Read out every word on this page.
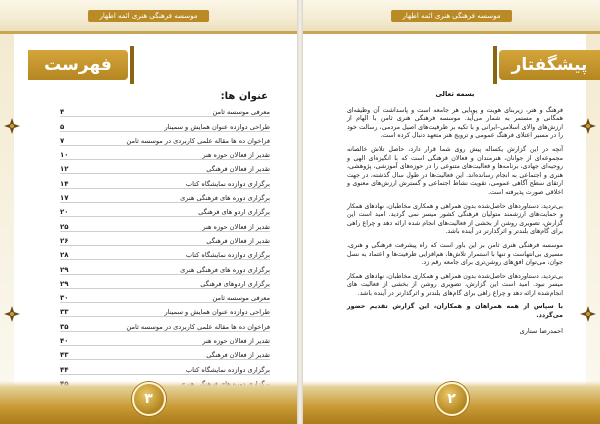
موسسه فرهنگی هنری ائمه اطهار
فهرست
عنوان ها:
۴	معرفی موسسه ثامن
۵	طراحی دوازده عنوان همایش و سمینار
۷	فراخوان ده ها مقاله علمی کاربردی در موسسه ثامن
۱۰	تقدیر از فعالان حوزه هنر
۱۲	تقدیر از فعالان فرهنگی
۱۴	برگزاری دوازده نمایشگاه کتاب
۱۷	برگزاری دوره های فرهنگی هنری
۲۰	برگزاری اردو های فرهنگی
۲۵	تقدیر از فعالان حوزه هنر
۲۶	تقدیر از فعالان فرهنگی
۲۸	برگزاری دوازده نمایشگاه کتاب
۲۹	برگزاری دوره های فرهنگی هنری
۲۹	برگزاری اردوهای فرهنگی
۳۰	معرفی موسسه ثامن
۳۳	طراحی دوازده عنوان همایش و سمینار
۳۵	فراخوان ده ها مقاله علمی کاربردی در موسسه ثامن
۴۰	تقدیر از فعالان حوزه هنر
۴۳	تقدیر از فعالان فرهنگی
۴۴	برگزاری دوازده نمایشگاه کتاب
۳
موسسه فرهنگی هنری ائمه اطهار
پیشگفتار
بسمه تعالی

فرهنگ و هنر، زیربنای هویت و پویایی هر جامعه است و پاسداشت آن وظیفه‌ای همگانی و مستمر به شمار می‌آید. موسسه فرهنگی هنری ثامن با الهام از ارزش‌های والای اسلامی–ایرانی و با تکیه بر ظرفیت‌های اصیل مردمی، رسالت خود را در مسیر اعتلای فرهنگ عمومی و ترویج هنر متعهد دنبال کرده است.

آنچه در این گزارش یکساله پیش روی شما قرار دارد، حاصل تلاش خالصانه مجموعه‌ای از جوانان، هنرمندان و فعالان فرهنگی است که با انگیزه‌ای الهی و روحیه‌ای جهادی، برنامه‌ها و فعالیت‌های متنوعی را در حوزه‌های آموزشی، پژوهشی، هنری و اجتماعی به انجام رسانده‌اند. این فعالیت‌ها در طول سال گذشته، در جهت ارتقای سطح آگاهی عمومی، تقویت نشاط اجتماعی و گسترش ارزش‌های معنوی و اخلاقی صورت پذیرفته است.

بی‌تردید، دستاوردهای حاصل‌شده بدون همراهی و همکاری مخاطبان، نهادهای همکار و حمایت‌های ارزشمند متولیان فرهنگی کشور میسر نمی گردید. امید است این گزارش، تصویری روشن از بخشی از فعالیت‌های انجام شده ارائه دهد و چراغ راهی برای گام‌های بلندتر و اثرگذارتر در آینده باشد.

موسسه فرهنگی هنری ثامن بر این باور است که راه پیشرفت فرهنگی و هنری، مسیری بی‌انتهاست و تنها با استمرار تلاش‌ها، هم‌افزایی ظرفیت‌ها و اعتماد به نسل جوان، می‌توان افق‌های روشن‌تری برای جامعه رقم زد.

بی‌تردید، دستاوردهای حاصل‌شده بدون همراهی و همکاری مخاطبان، نهادهای همکار میسر نبود. امید است این گزارش، تصویری روشن از بخشی از فعالیت های انجام‌شده ارائه دهد و چراغ راهی برای گام‌های بلندتر و اثرگذارتر در آینده باشد.

با سپاس از همه همراهان و همکاران، این گزارش تقدیم حضور می‌گردد.

احمدرضا ستاری
۲
